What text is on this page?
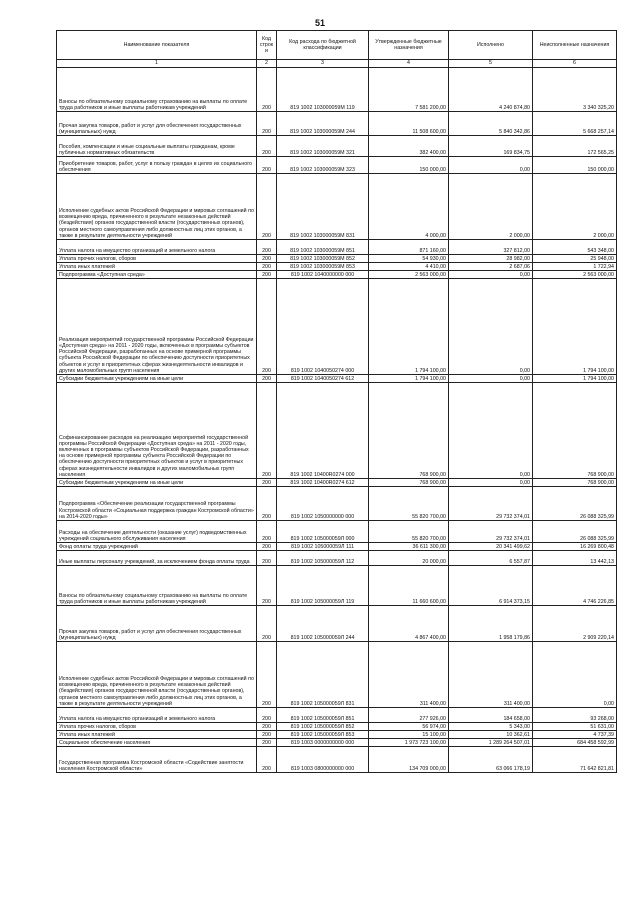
51
Наименование показателя	Код строк и	Код расхода по бюджетной классификации	Утвержденные бюджетные назначения	Исполнено	Неисполненные назначения
1	2	3	4	5	6
Взносы по обязательному социальному страхованию на выплаты по оплате труда работников и иные выплаты работникам учреждений	200	819 1002 103000059М 119	7 581 200,00	4 240 874,80	3 340 325,20
Прочая закупка товаров, работ и услуг для обеспечения государственных (муниципальных) нужд	200	819 1002 103000059М 244	11 508 600,00	5 840 342,86	5 668 257,14
Пособия, компенсации и иные социальные выплаты гражданам, кроме публичных нормативных обязательств	200	819 1002 103000059М 321	382 400,00	169 834,75	172 565,25
Приобретение товаров, работ, услуг в пользу граждан в целях их социального обеспечения	200	819 1002 103000059М 323	150 000,00	0,00	150 000,00
Исполнение судебных актов Российской Федерации и мировых соглашений по возмещению вреда, причиненного в результате незаконных действий (бездействия) органов государственной власти (государственных органов), органов местного самоуправления либо должностных лиц этих органов, а также в результате деятельности учреждений	200	819 1002 103000059М 831	4 000,00	2 000,00	2 000,00
Уплата налога на имущество организаций и земельного налога	200	819 1002 103000059М 851	871 160,00	327 812,00	543 348,00
Уплата прочих налогов, сборов	200	819 1002 103000059М 852	54 930,00	28 982,00	25 948,00
Уплата иных платежей	200	819 1002 103000059М 853	4 410,00	2 687,06	1 722,94
Подпрограмма «Доступная среда»	200	819 1002 1040000000 000	2 563 000,00	0,00	2 563 000,00
Реализация мероприятий государственной программы Российской Федерации «Доступная среда» на 2011 - 2020 годы, включенных в программы субъектов Российской Федерации, разработанных на основе примерной программы субъекта Российской Федерации по обеспечению доступности приоритетных объектов и услуг в приоритетных сферах жизнедеятельности инвалидов и других маломобильных групп населения	200	819 1002 1040050274 000	1 794 100,00	0,00	1 794 100,00
Субсидии бюджетным учреждениям на иные цели	200	819 1002 1040050274 612	1 794 100,00	0,00	1 794 100,00
Софинансирование расходов на реализацию мероприятий государственной программы Российской Федерации «Доступная среда» на 2011 - 2020 годы, включенных в программы субъектов Российской Федерации, разработанных на основе примерной программы субъекта Российской Федерации по обеспечению доступности приоритетных объектов и услуг в приоритетных сферах жизнедеятельности инвалидов и других маломобильных групп населения	200	819 1002 10400R0274 000	768 900,00	0,00	768 900,00
Субсидии бюджетным учреждениям на иные цели	200	819 1002 10400R0274 612	768 900,00	0,00	768 900,00
Подпрограмма «Обеспечение реализации государственной программы Костромской области «Социальная поддержка граждан Костромской области» на 2014-2020 годы»	200	819 1002 1050000000 000	55 820 700,00	29 732 374,01	26 088 325,99
Расходы на обеспечение деятельности (оказание услуг) подведомственных учреждений социального обслуживания населения	200	819 1002 105000059Л 000	55 820 700,00	29 732 374,01	26 088 325,99
Фонд оплаты труда учреждений	200	819 1002 105000059Л 111	36 611 300,00	20 341 499,62	16 269 800,48
Иные выплаты персоналу учреждений, за исключением фонда оплаты труда	200	819 1002 105000059Л 112	20 000,00	6 557,87	13 442,13
Взносы по обязательному социальному страхованию на выплаты по оплате труда работников и иные выплаты работникам учреждений	200	819 1002 105000059Л 119	11 660 600,00	6 914 373,15	4 746 226,85
Прочая закупка товаров, работ и услуг для обеспечения государственных (муниципальных) нужд	200	819 1002 105000059Л 244	4 867 400,00	1 958 179,86	2 909 220,14
Исполнение судебных актов Российской Федерации и мировых соглашений по возмещению вреда, причиненного в результате незаконных действий (бездействия) органов государственной власти (государственных органов), органов местного самоуправления либо должностных лиц этих органов, а также в результате деятельности учреждений	200	819 1002 105000059Л 831	311 400,00	311 400,00	0,00
Уплата налога на имущество организаций и земельного налога	200	819 1002 105000059Л 851	277 926,00	184 658,00	93 268,00
Уплата прочих налогов, сборов	200	819 1002 105000059Л 852	56 974,00	5 343,00	51 631,00
Уплата иных платежей	200	819 1002 105000059Л 853	15 100,00	10 362,61	4 737,39
Социальное обеспечение населения	200	819 1003 0000000000 000	1 973 723 100,00	1 289 264 507,01	684 458 592,99
Государственная программа Костромской области «Содействие занятости населения Костромской области»	200	819 1003 0800000000 000	134 709 000,00	63 066 178,19	71 642 821,81
